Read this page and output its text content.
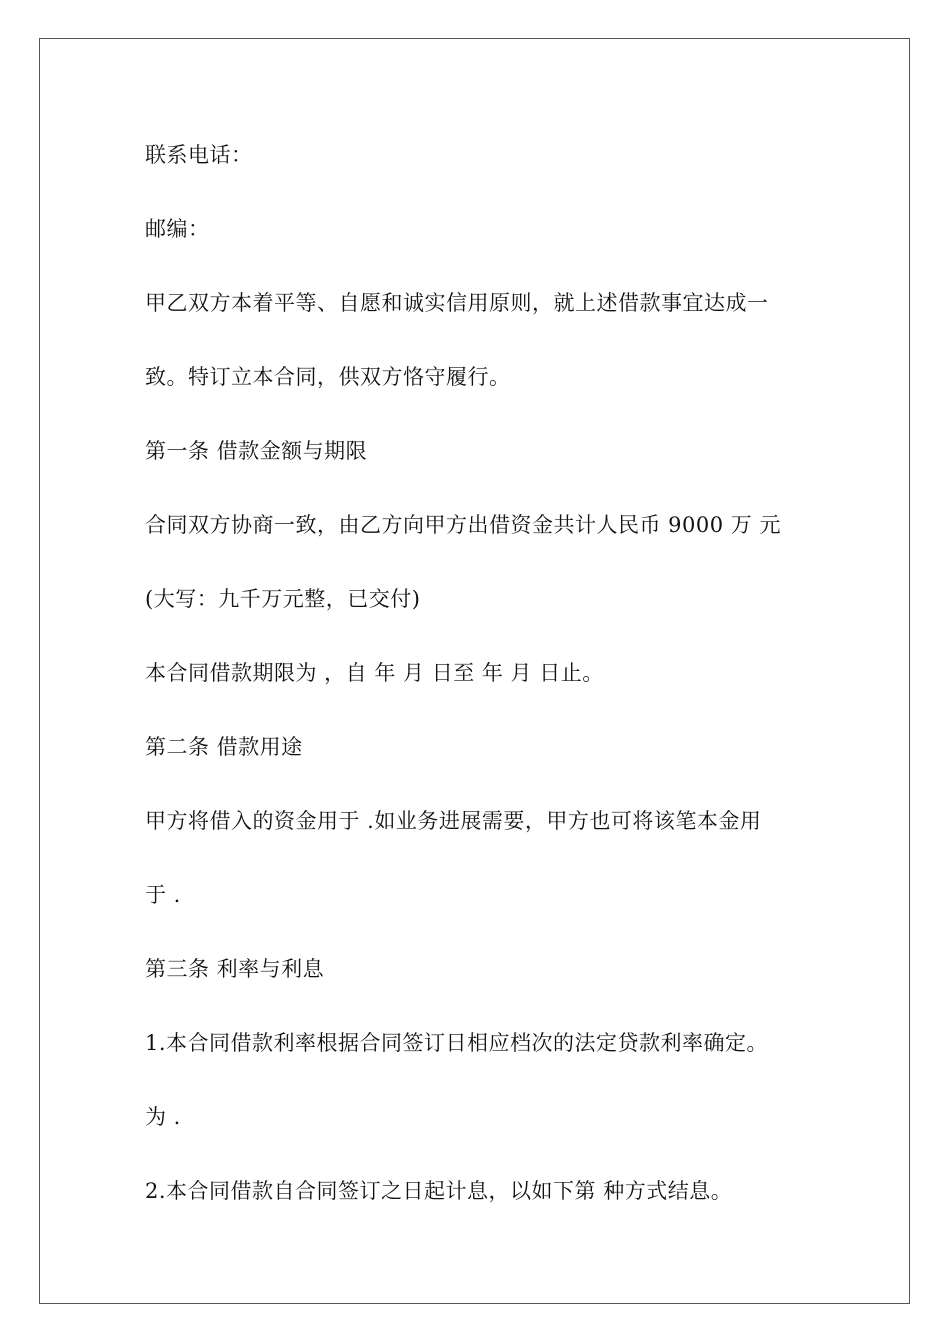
联系电话：
邮编：
甲乙双方本着平等、自愿和诚实信用原则，就上述借款事宜达成一
致。特订立本合同，供双方恪守履行。
第一条 借款金额与期限
合同双方协商一致，由乙方向甲方出借资金共计人民币 9000 万 元
(大写：九千万元整，已交付)
本合同借款期限为 ，自 年 月 日至 年 月 日止。
第二条 借款用途
甲方将借入的资金用于 .如业务进展需要，甲方也可将该笔本金用
于 .
第三条 利率与利息
1.本合同借款利率根据合同签订日相应档次的法定贷款利率确定。
为 .
2.本合同借款自合同签订之日起计息，以如下第 种方式结息。
